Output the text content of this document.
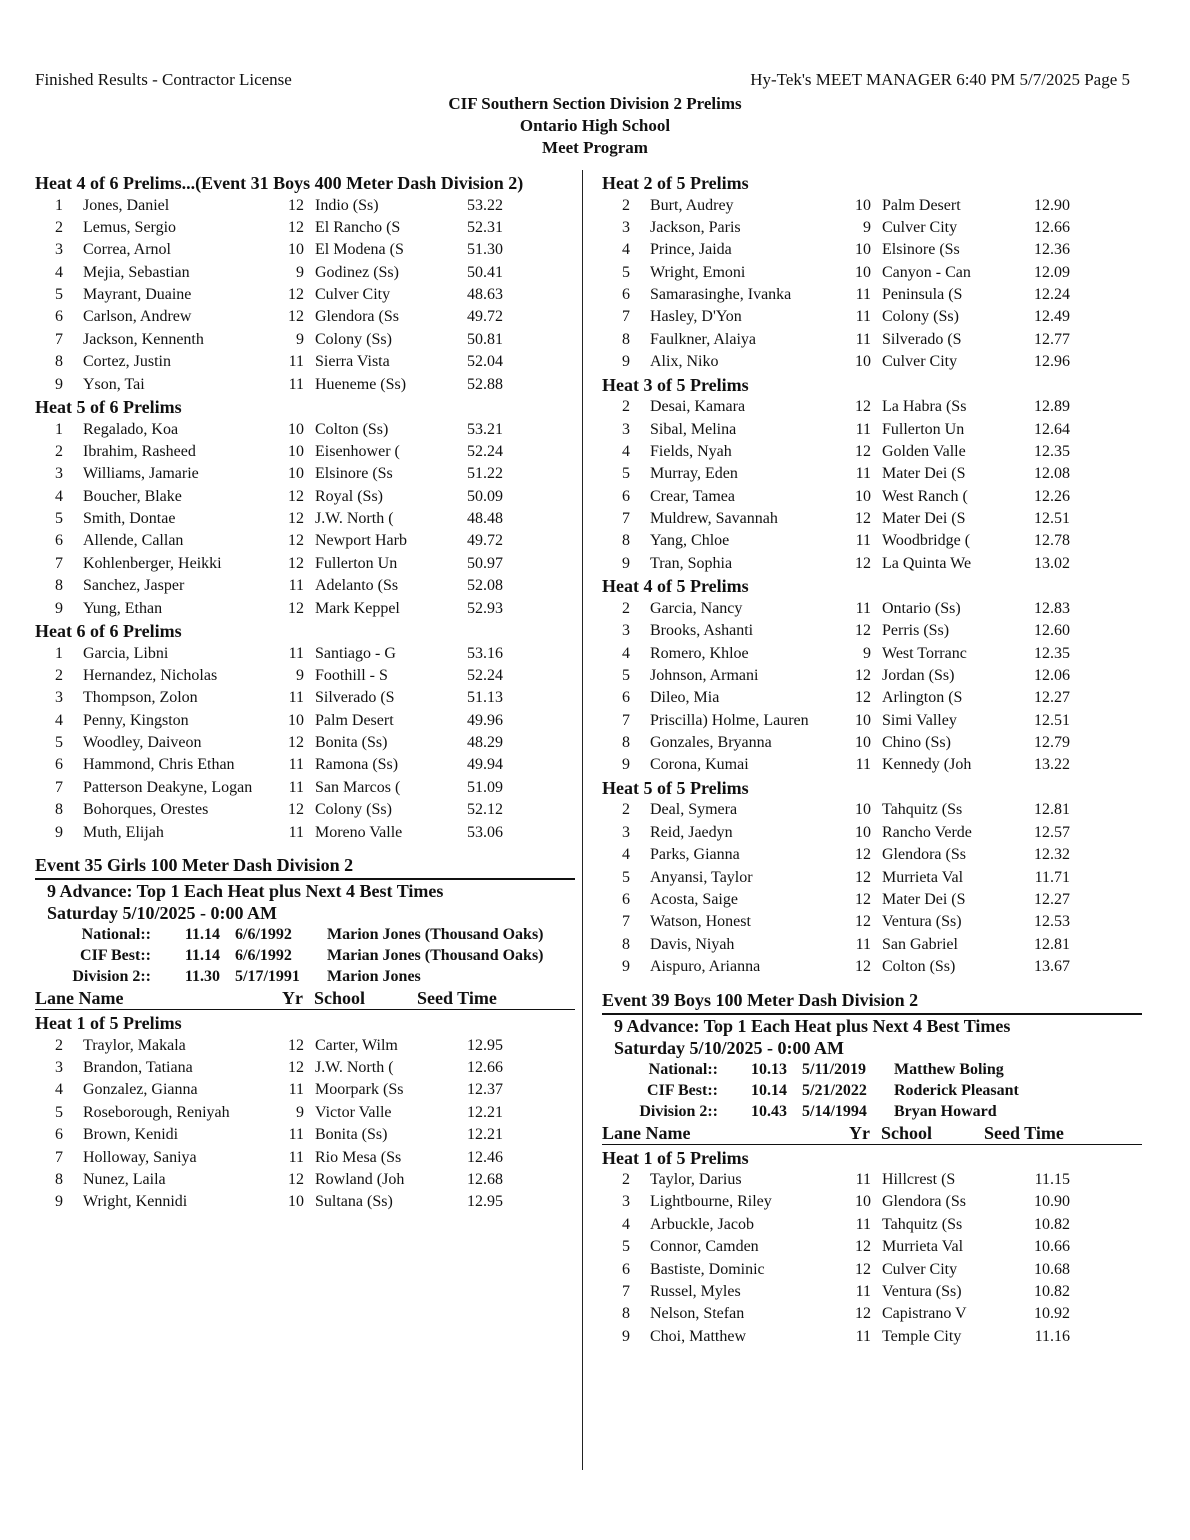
Finished Results - Contractor License	Hy-Tek's MEET MANAGER 6:40 PM 5/7/2025 Page 5
CIF Southern Section Division 2 Prelims
Ontario High School
Meet Program
Heat 4 of 6 Prelims...(Event 31 Boys 400 Meter Dash Division 2)
1 Jones, Daniel	12 Indio (Ss)	53.22
2 Lemus, Sergio	12 El Rancho (S	52.31
3 Correa, Arnol	10 El Modena (S	51.30
4 Mejia, Sebastian	9 Godinez (Ss)	50.41
5 Mayrant, Duaine	12 Culver City	48.63
6 Carlson, Andrew	12 Glendora (Ss	49.72
7 Jackson, Kennenth	9 Colony (Ss)	50.81
8 Cortez, Justin	11 Sierra Vista	52.04
9 Yson, Tai	11 Hueneme (Ss)	52.88
Heat 5 of 6 Prelims
1 Regalado, Koa	10 Colton (Ss)	53.21
2 Ibrahim, Rasheed	10 Eisenhower (	52.24
3 Williams, Jamarie	10 Elsinore (Ss	51.22
4 Boucher, Blake	12 Royal (Ss)	50.09
5 Smith, Dontae	12 J.W. North (	48.48
6 Allende, Callan	12 Newport Harb	49.72
7 Kohlenberger, Heikki	12 Fullerton Un	50.97
8 Sanchez, Jasper	11 Adelanto (Ss	52.08
9 Yung, Ethan	12 Mark Keppel	52.93
Heat 6 of 6 Prelims
1 Garcia, Libni	11 Santiago - G	53.16
2 Hernandez, Nicholas	9 Foothill - S	52.24
3 Thompson, Zolon	11 Silverado (S	51.13
4 Penny, Kingston	10 Palm Desert	49.96
5 Woodley, Daiveon	12 Bonita (Ss)	48.29
6 Hammond, Chris Ethan	11 Ramona (Ss)	49.94
7 Patterson Deakyne, Logan	11 San Marcos (	51.09
8 Bohorques, Orestes	12 Colony (Ss)	52.12
9 Muth, Elijah	11 Moreno Valle	53.06
Event 35 Girls 100 Meter Dash Division 2
9 Advance: Top 1 Each Heat plus Next 4 Best Times
Saturday 5/10/2025 - 0:00 AM
National::	11.14 6/6/1992 Marion Jones (Thousand Oaks)
CIF Best::	11.14 6/6/1992 Marian Jones (Thousand Oaks)
Division 2::	11.30 5/17/1991 Marion Jones
Lane Name	Yr School	Seed Time
Heat 1 of 5 Prelims
2 Traylor, Makala	12 Carter, Wilm	12.95
3 Brandon, Tatiana	12 J.W. North (	12.66
4 Gonzalez, Gianna	11 Moorpark (Ss	12.37
5 Roseborough, Reniyah	9 Victor Valle	12.21
6 Brown, Kenidi	11 Bonita (Ss)	12.21
7 Holloway, Saniya	11 Rio Mesa (Ss	12.46
8 Nunez, Laila	12 Rowland (Joh	12.68
9 Wright, Kennidi	10 Sultana (Ss)	12.95
Heat 2 of 5 Prelims
2 Burt, Audrey	10 Palm Desert	12.90
3 Jackson, Paris	9 Culver City	12.66
4 Prince, Jaida	10 Elsinore (Ss	12.36
5 Wright, Emoni	10 Canyon - Can	12.09
6 Samarasinghe, Ivanka	11 Peninsula (S	12.24
7 Hasley, D'Yon	11 Colony (Ss)	12.49
8 Faulkner, Alaiya	11 Silverado (S	12.77
9 Alix, Niko	10 Culver City	12.96
Heat 3 of 5 Prelims
2 Desai, Kamara	12 La Habra (Ss	12.89
3 Sibal, Melina	11 Fullerton Un	12.64
4 Fields, Nyah	12 Golden Valle	12.35
5 Murray, Eden	11 Mater Dei (S	12.08
6 Crear, Tamea	10 West Ranch (	12.26
7 Muldrew, Savannah	12 Mater Dei (S	12.51
8 Yang, Chloe	11 Woodbridge (	12.78
9 Tran, Sophia	12 La Quinta We	13.02
Heat 4 of 5 Prelims
2 Garcia, Nancy	11 Ontario (Ss)	12.83
3 Brooks, Ashanti	12 Perris (Ss)	12.60
4 Romero, Khloe	9 West Torranc	12.35
5 Johnson, Armani	12 Jordan (Ss)	12.06
6 Dileo, Mia	12 Arlington (S	12.27
7 Priscilla) Holme, Lauren	10 Simi Valley	12.51
8 Gonzales, Bryanna	10 Chino (Ss)	12.79
9 Corona, Kumai	11 Kennedy (Joh	13.22
Heat 5 of 5 Prelims
2 Deal, Symera	10 Tahquitz (Ss	12.81
3 Reid, Jaedyn	10 Rancho Verde	12.57
4 Parks, Gianna	12 Glendora (Ss	12.32
5 Anyansi, Taylor	12 Murrieta Val	11.71
6 Acosta, Saige	12 Mater Dei (S	12.27
7 Watson, Honest	12 Ventura (Ss)	12.53
8 Davis, Niyah	11 San Gabriel	12.81
9 Aispuro, Arianna	12 Colton (Ss)	13.67
Event 39 Boys 100 Meter Dash Division 2
9 Advance: Top 1 Each Heat plus Next 4 Best Times
Saturday 5/10/2025 - 0:00 AM
National::	10.13 5/11/2019 Matthew Boling
CIF Best::	10.14 5/21/2022 Roderick Pleasant
Division 2::	10.43 5/14/1994 Bryan Howard
Lane Name	Yr School	Seed Time
Heat 1 of 5 Prelims
2 Taylor, Darius	11 Hillcrest (S	11.15
3 Lightbourne, Riley	10 Glendora (Ss	10.90
4 Arbuckle, Jacob	11 Tahquitz (Ss	10.82
5 Connor, Camden	12 Murrieta Val	10.66
6 Bastiste, Dominic	12 Culver City	10.68
7 Russel, Myles	11 Ventura (Ss)	10.82
8 Nelson, Stefan	12 Capistrano V	10.92
9 Choi, Matthew	11 Temple City	11.16
